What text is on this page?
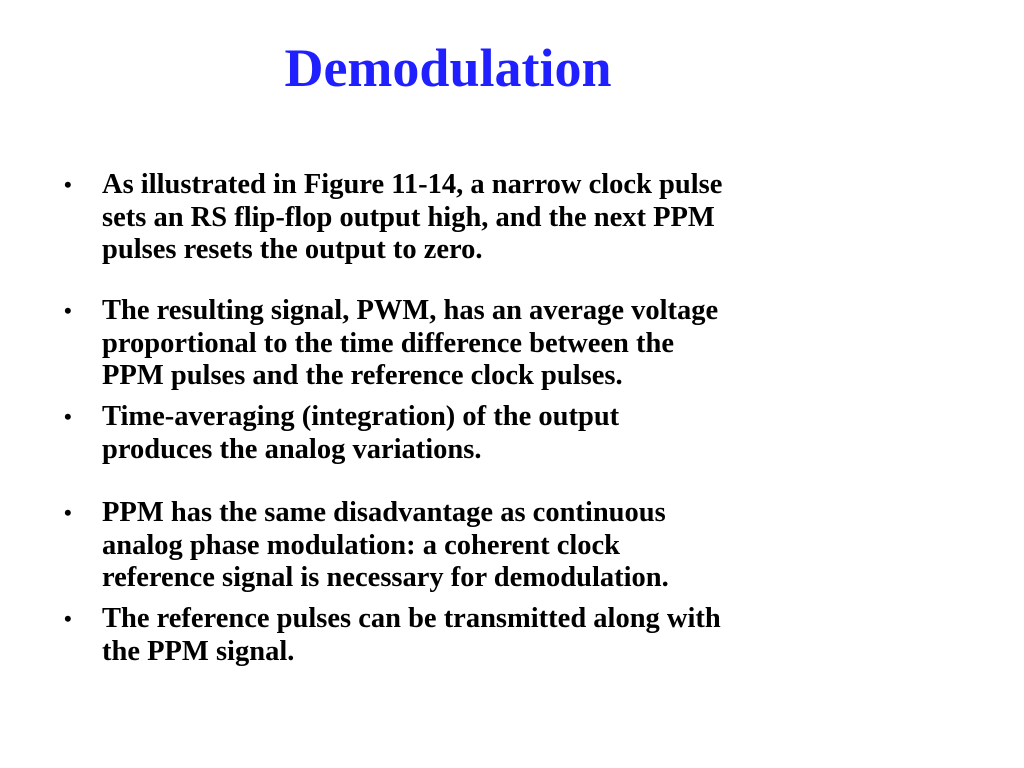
Demodulation
•	As illustrated in Figure 11-14, a narrow clock pulse
sets an RS flip-flop output high, and the next PPM
pulses resets the output to zero.
•	The resulting signal, PWM, has an average voltage
proportional to the time difference between the
PPM pulses and the reference clock pulses.
•	Time-averaging (integration) of the output
produces the analog variations.
•	PPM has the same disadvantage as continuous
analog phase modulation: a coherent clock
reference signal is necessary for demodulation.
•	The reference pulses can be transmitted along with
the PPM signal.
